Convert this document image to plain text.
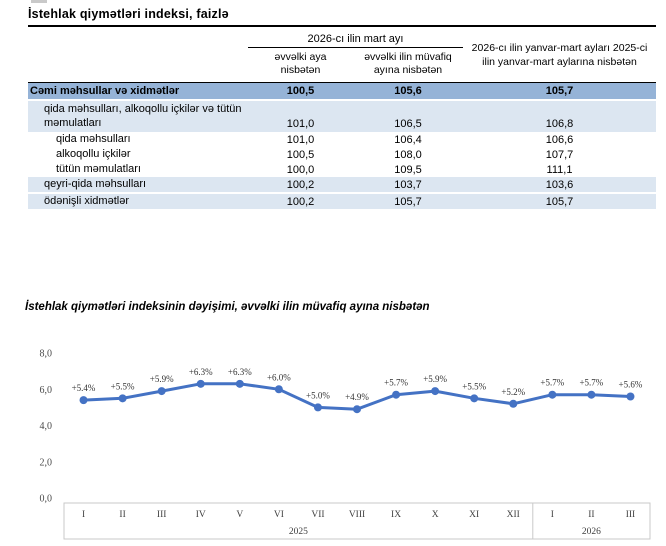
İstehlak qiymətləri indeksi, faizlə
2026-cı ilin mart ayı
əvvəlki aya nisbətən
əvvəlki ilin müvafiq ayına nisbətən
2026-cı ilin yanvar-mart ayları 2025-ci ilin yanvar-mart aylarına nisbətən
Cəmi məhsullar və xidmətlər	100,5	105,6	105,7
qida məhsulları, alkoqollu içkilər və tütün məmulatları	101,0	106,5	106,8
qida məhsulları	101,0	106,4	106,6
alkoqollu içkilər	100,5	108,0	107,7
tütün məmulatları	100,0	109,5	111,1
qeyri-qida məhsulları	100,2	103,7	103,6
ödənişli xidmətlər	100,2	105,7	105,7
İstehlak qiymətləri indeksinin dəyişimi, əvvəlki ilin müvafiq ayına nisbətən
8,0
6,0
4,0
2,0
0,0
I	II	III	IV	V	VI	VII	VIII	IX	X	XI	XII	I	II	III
2025	2026
+5.4% +5.5%
+5.9%
+6.3% +6.3%
+6.0%
+5.0% +4.9%
+5.7% +5.9%
+5.5%
+5.2%
+5.7% +5.7% +5.6%
